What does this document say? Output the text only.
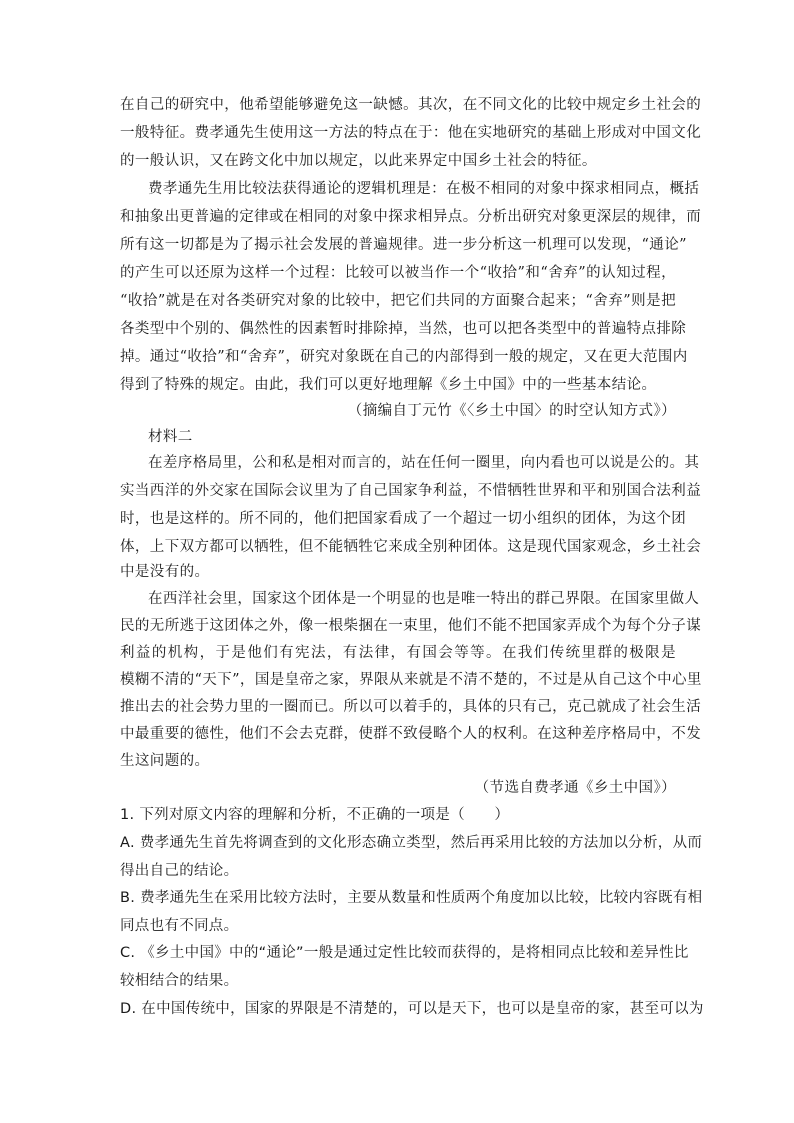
在自己的研究中，他希望能够避免这一缺憾。其次，在不同文化的比较中规定乡土社会的
一般特征。费孝通先生使用这一方法的特点在于：他在实地研究的基础上形成对中国文化
的一般认识，又在跨文化中加以规定，以此来界定中国乡土社会的特征。
费孝通先生用比较法获得通论的逻辑机理是：在极不相同的对象中探求相同点，概括
和抽象出更普遍的定律或在相同的对象中探求相异点。分析出研究对象更深层的规律，而
所有这一切都是为了揭示社会发展的普遍规律。进一步分析这一机理可以发现，“通论”
的产生可以还原为这样一个过程：比较可以被当作一个“收拾”和“舍弃”的认知过程，
“收拾”就是在对各类研究对象的比较中，把它们共同的方面聚合起来；“舍弃”则是把
各类型中个别的、偶然性的因素暂时排除掉，当然，也可以把各类型中的普遍特点排除
掉。通过“收拾”和“舍弃”，研究对象既在自己的内部得到一般的规定，又在更大范围内
得到了特殊的规定。由此，我们可以更好地理解《乡土中国》中的一些基本结论。
（摘编自丁元竹《〈乡土中国〉的时空认知方式》）
材料二
在差序格局里，公和私是相对而言的，站在任何一圈里，向内看也可以说是公的。其
实当西洋的外交家在国际会议里为了自己国家争利益，不惜牺牲世界和平和别国合法利益
时，也是这样的。所不同的，他们把国家看成了一个超过一切小组织的团体，为这个团
体，上下双方都可以牺牲，但不能牺牲它来成全别种团体。这是现代国家观念，乡土社会
中是没有的。
在西洋社会里，国家这个团体是一个明显的也是唯一特出的群己界限。在国家里做人
民的无所逃于这团体之外，像一根柴捆在一束里，他们不能不把国家弄成个为每个分子谋
利益的机构，于是他们有宪法，有法律，有国会等等。在我们传统里群的极限是
模糊不清的“天下”，国是皇帝之家，界限从来就是不清不楚的，不过是从自己这个中心里
推出去的社会势力里的一圈而已。所以可以着手的，具体的只有己，克己就成了社会生活
中最重要的德性，他们不会去克群，使群不致侵略个人的权利。在这种差序格局中，不发
生这问题的。
（节选自费孝通《乡土中国》）
1. 下列对原文内容的理解和分析，不正确的一项是（　　）
A. 费孝通先生首先将调查到的文化形态确立类型，然后再采用比较的方法加以分析，从而
得出自己的结论。
B. 费孝通先生在采用比较方法时，主要从数量和性质两个角度加以比较，比较内容既有相
同点也有不同点。
C. 《乡土中国》中的“通论”一般是通过定性比较而获得的，是将相同点比较和差异性比
较相结合的结果。
D. 在中国传统中，国家的界限是不清楚的，可以是天下，也可以是皇帝的家，甚至可以为
